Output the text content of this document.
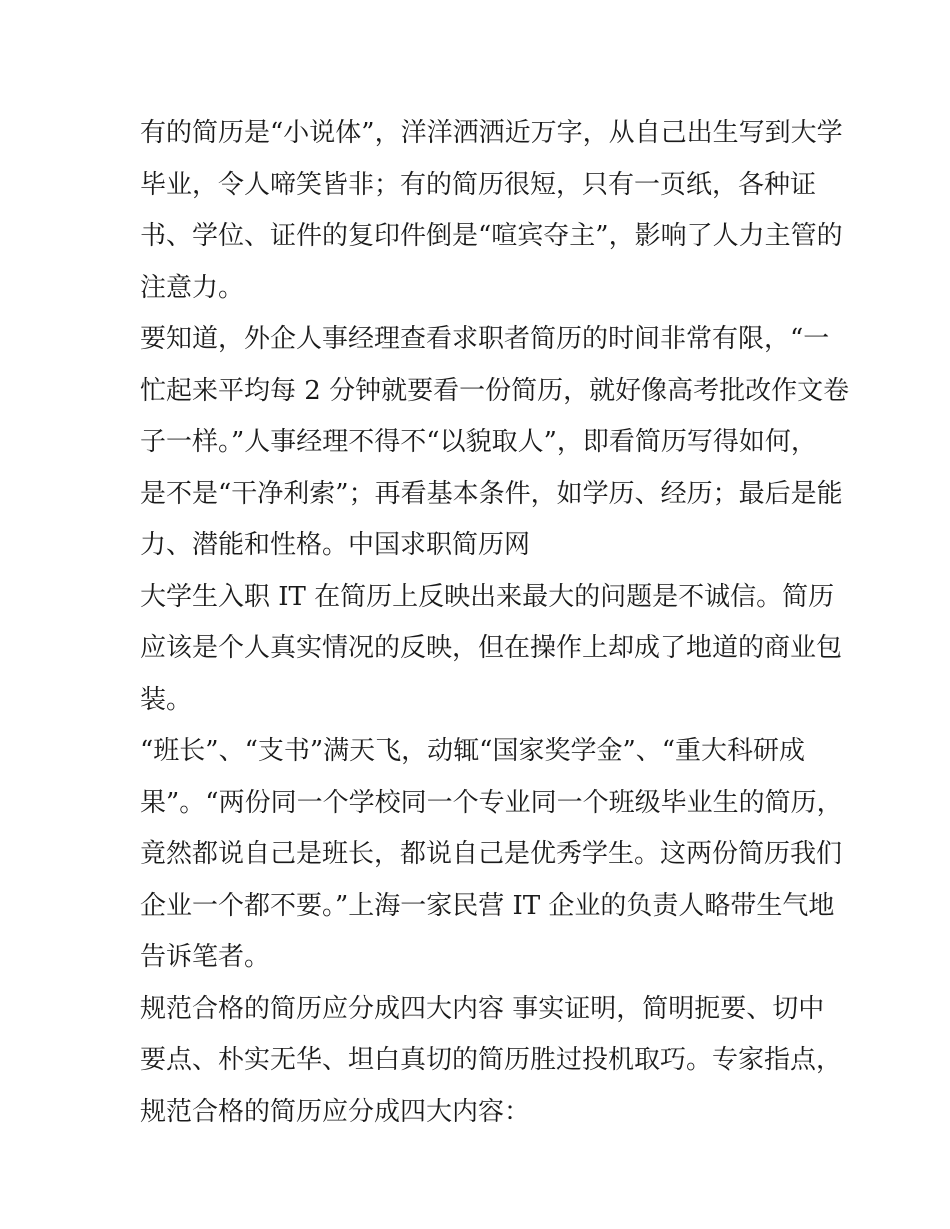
有的简历是“小说体”，洋洋洒洒近万字，从自己出生写到大学
毕业，令人啼笑皆非；有的简历很短，只有一页纸，各种证
书、学位、证件的复印件倒是“喧宾夺主”，影响了人力主管的
注意力。

要知道，外企人事经理查看求职者简历的时间非常有限，“一
忙起来平均每 2 分钟就要看一份简历，就好像高考批改作文卷
子一样。”人事经理不得不“以貌取人”，即看简历写得如何，
是不是“干净利索”；再看基本条件，如学历、经历；最后是能
力、潜能和性格。中国求职简历网

大学生入职 IT 在简历上反映出来最大的问题是不诚信。简历
应该是个人真实情况的反映，但在操作上却成了地道的商业包
装。

“班长”、“支书”满天飞，动辄“国家奖学金”、“重大科研成
果”。“两份同一个学校同一个专业同一个班级毕业生的简历，
竟然都说自己是班长，都说自己是优秀学生。这两份简历我们
企业一个都不要。”上海一家民营 IT 企业的负责人略带生气地
告诉笔者。

规范合格的简历应分成四大内容 事实证明，简明扼要、切中
要点、朴实无华、坦白真切的简历胜过投机取巧。专家指点，
规范合格的简历应分成四大内容：
